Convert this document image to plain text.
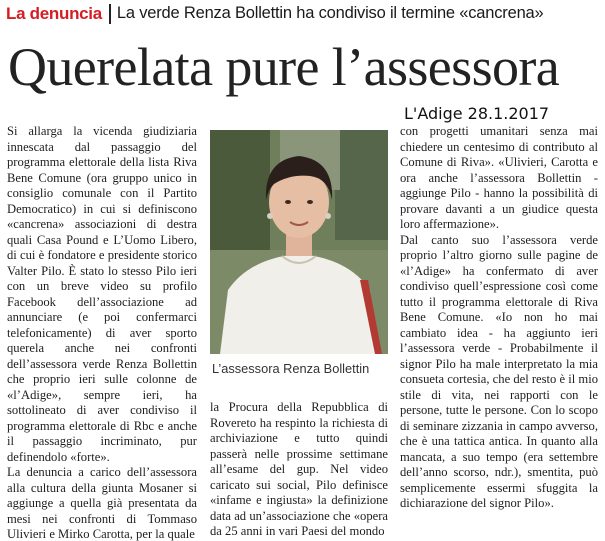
La denuncia La verde Renza Bollettin ha condiviso il termine «cancrena»
Querelata pure l’assessora
L'Adige 28.1.2017

Si allarga la vicenda giudiziaria innescata dal passaggio del programma elettorale della lista Riva Bene Comune (ora gruppo unico in consiglio comunale con il Partito Democratico) in cui si definiscono «cancrena» associazioni di destra quali Casa Pound e L’Uomo Libero, di cui è fondatore e presidente storico Valter Pilo. È stato lo stesso Pilo ieri con un breve video su profilo Facebook dell’associazione ad annunciare (e poi confermarci telefonicamente) di aver sporto querela anche nei confronti dell’assessora verde Renza Bollettin che proprio ieri sulle colonne de «l’Adige», sempre ieri, ha sottolineato di aver condiviso il programma elettorale di Rbc e anche il passaggio incriminato, pur definendolo «forte».

La denuncia a carico dell’assessora alla cultura della giunta Mosaner si aggiunge a quella già presentata da mesi nei confronti di Tommaso Ulivieri e Mirko Carotta, per la quale

L’assessora Renza Bollettin

la Procura della Repubblica di Rovereto ha respinto la richiesta di archiviazione e tutto quindi passerà nelle prossime settimane all’esame del gup. Nel video caricato sui social, Pilo definisce «infame e ingiusta» la definizione data ad un’associazione che «opera da 25 anni in vari Paesi del mondo

con progetti umanitari senza mai chiedere un centesimo di contributo al Comune di Riva». «Ulivieri, Carotta e ora anche l’assessora Bollettin - aggiunge Pilo - hanno la possibilità di provare davanti a un giudice questa loro affermazione».

Dal canto suo l’assessora verde proprio l’altro giorno sulle pagine de «l’Adige» ha confermato di aver condiviso quell’espressione così come tutto il programma elettorale di Riva Bene Comune. «Io non ho mai cambiato idea - ha aggiunto ieri l’assessora verde - Probabilmente il signor Pilo ha male interpretato la mia consueta cortesia, che del resto è il mio stile di vita, nei rapporti con le persone, tutte le persone. Con lo scopo di seminare zizzania in campo avverso, che è una tattica antica. In quanto alla mancata, a suo tempo (era settembre dell’anno scorso, ndr.), smentita, può semplicemente essermi sfuggita la dichiarazione del signor Pilo».
